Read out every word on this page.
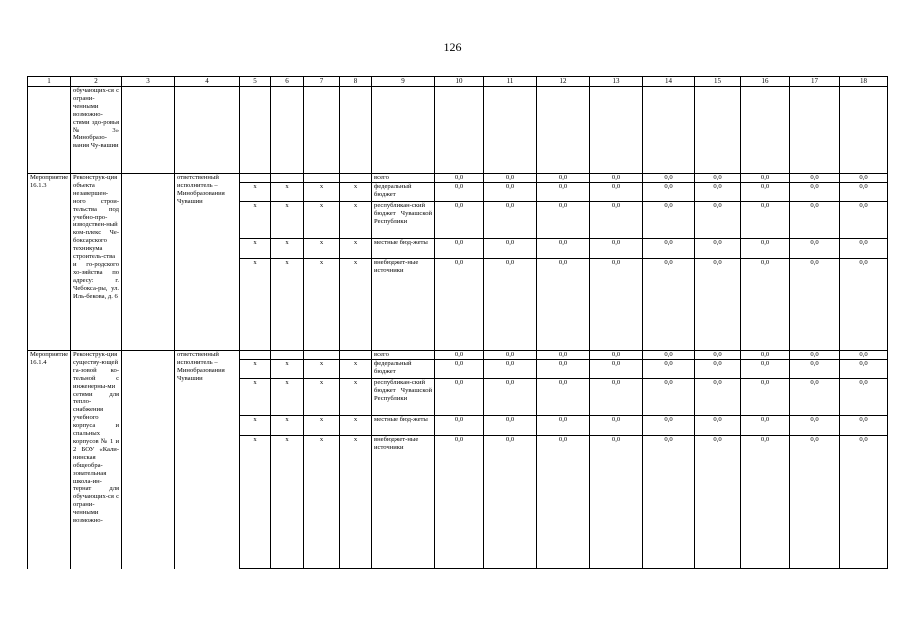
126
1	2	3	4	5	6	7	8	9	10	11	12	13	14	15	16	17	18
	обучающих-ся с ограни-ченными возможно-стями здо-ровья № 3» Минобразо-вания Чу-вашии																
Мероприятие 16.1.3	Реконструк-ция объекта незавершен-ного строи-тельства под учебно-про-изводствен-ный ком-плекс Че-боксарского техникума строитель-ства и го-родского хо-зяйства по адресу: г. Чебокса-ры, ул. Иль-бекова, д. 6		ответственный исполнитель – Минобразования Чувашии					всего	0,0	0,0	0,0	0,0	0,0	0,0	0,0	0,0	0,0
				х	х	х	х	федеральный бюджет	0,0	0,0	0,0	0,0	0,0	0,0	0,0	0,0	0,0
				х	х	х	х	республикан-ский бюджет Чувашской Республики	0,0	0,0	0,0	0,0	0,0	0,0	0,0	0,0	0,0
				х	х	х	х	местные бюд-жеты	0,0	0,0	0,0	0,0	0,0	0,0	0,0	0,0	0,0
				х	х	х	х	внебюджет-ные источники	0,0	0,0	0,0	0,0	0,0	0,0	0,0	0,0	0,0
Мероприятие 16.1.4	Реконструк-ция существу-ющей га-зовой ко-тельной с инженерны-ми сетями для тепло-снабжения учебного корпуса и спальных корпусов № 1 и 2 БОУ «Кали-нинская общеобра-зовательная школа-ин-тернат для обучающих-ся с ограни-ченными возможно-		ответственный исполнитель – Минобразования Чувашии					всего	0,0	0,0	0,0	0,0	0,0	0,0	0,0	0,0	0,0
				х	х	х	х	федеральный бюджет	0,0	0,0	0,0	0,0	0,0	0,0	0,0	0,0	0,0
				х	х	х	х	республикан-ский бюджет Чувашской Республики	0,0	0,0	0,0	0,0	0,0	0,0	0,0	0,0	0,0
				х	х	х	х	местные бюд-жеты	0,0	0,0	0,0	0,0	0,0	0,0	0,0	0,0	0,0
				х	х	х	х	внебюджет-ные источники	0,0	0,0	0,0	0,0	0,0	0,0	0,0	0,0	0,0
